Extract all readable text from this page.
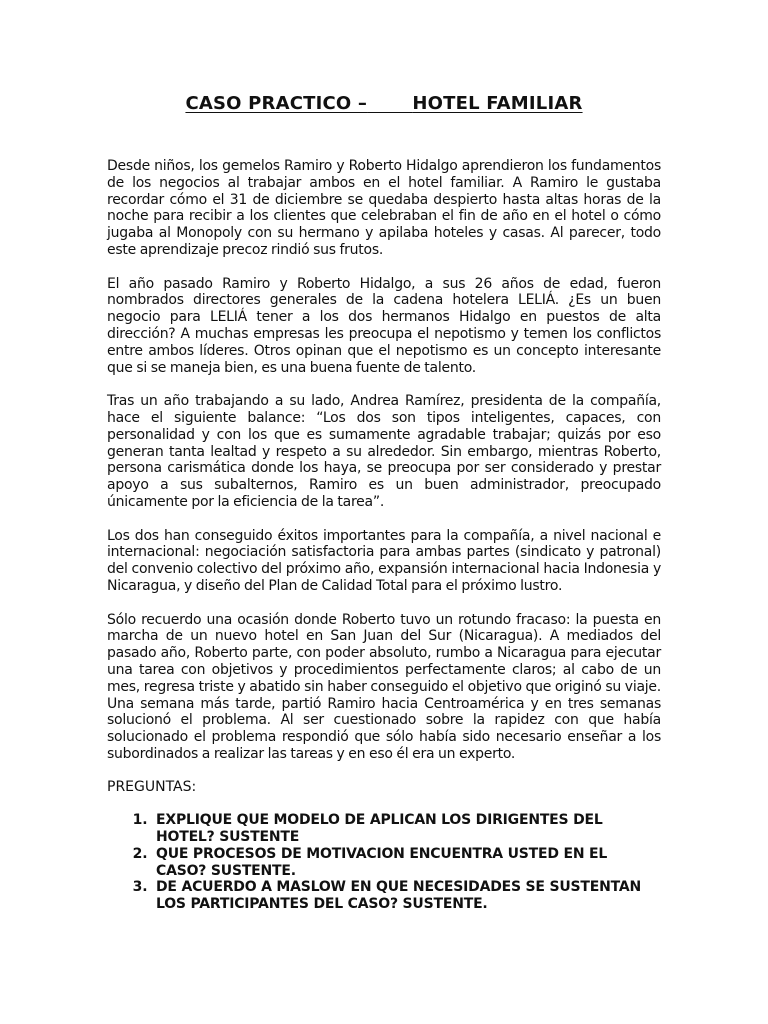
CASO PRACTICO –	HOTEL FAMILIAR

Desde niños, los gemelos Ramiro y Roberto Hidalgo aprendieron los fundamentos de los negocios al trabajar ambos en el hotel familiar. A Ramiro le gustaba recordar cómo el 31 de diciembre se quedaba despierto hasta altas horas de la noche para recibir a los clientes que celebraban el fin de año en el hotel o cómo jugaba al Monopoly con su hermano y apilaba hoteles y casas. Al parecer, todo este aprendizaje precoz rindió sus frutos.

El año pasado Ramiro y Roberto Hidalgo, a sus 26 años de edad, fueron nombrados directores generales de la cadena hotelera LELIÁ. ¿Es un buen negocio para LELIÁ tener a los dos hermanos Hidalgo en puestos de alta dirección? A muchas empresas les preocupa el nepotismo y temen los conflictos entre ambos líderes. Otros opinan que el nepotismo es un concepto interesante que si se maneja bien, es una buena fuente de talento.

Tras un año trabajando a su lado, Andrea Ramírez, presidenta de la compañía, hace el siguiente balance: “Los dos son tipos inteligentes, capaces, con personalidad y con los que es sumamente agradable trabajar; quizás por eso generan tanta lealtad y respeto a su alrededor. Sin embargo, mientras Roberto, persona carismática donde los haya, se preocupa por ser considerado y prestar apoyo a sus subalternos, Ramiro es un buen administrador, preocupado únicamente por la eficiencia de la tarea”.

Los dos han conseguido éxitos importantes para la compañía, a nivel nacional e internacional: negociación satisfactoria para ambas partes (sindicato y patronal) del convenio colectivo del próximo año, expansión internacional hacia Indonesia y Nicaragua, y diseño del Plan de Calidad Total para el próximo lustro.

Sólo recuerdo una ocasión donde Roberto tuvo un rotundo fracaso: la puesta en marcha de un nuevo hotel en San Juan del Sur (Nicaragua). A mediados del pasado año, Roberto parte, con poder absoluto, rumbo a Nicaragua para ejecutar una tarea con objetivos y procedimientos perfectamente claros; al cabo de un mes, regresa triste y abatido sin haber conseguido el objetivo que originó su viaje. Una semana más tarde, partió Ramiro hacia Centroamérica y en tres semanas solucionó el problema. Al ser cuestionado sobre la rapidez con que había solucionado el problema respondió que sólo había sido necesario enseñar a los subordinados a realizar las tareas y en eso él era un experto.

PREGUNTAS:

1. EXPLIQUE QUE MODELO DE APLICAN LOS DIRIGENTES DEL HOTEL? SUSTENTE
2. QUE PROCESOS DE MOTIVACION ENCUENTRA USTED EN EL CASO? SUSTENTE.
3. DE ACUERDO A MASLOW EN QUE NECESIDADES SE SUSTENTAN LOS PARTICIPANTES DEL CASO? SUSTENTE.
